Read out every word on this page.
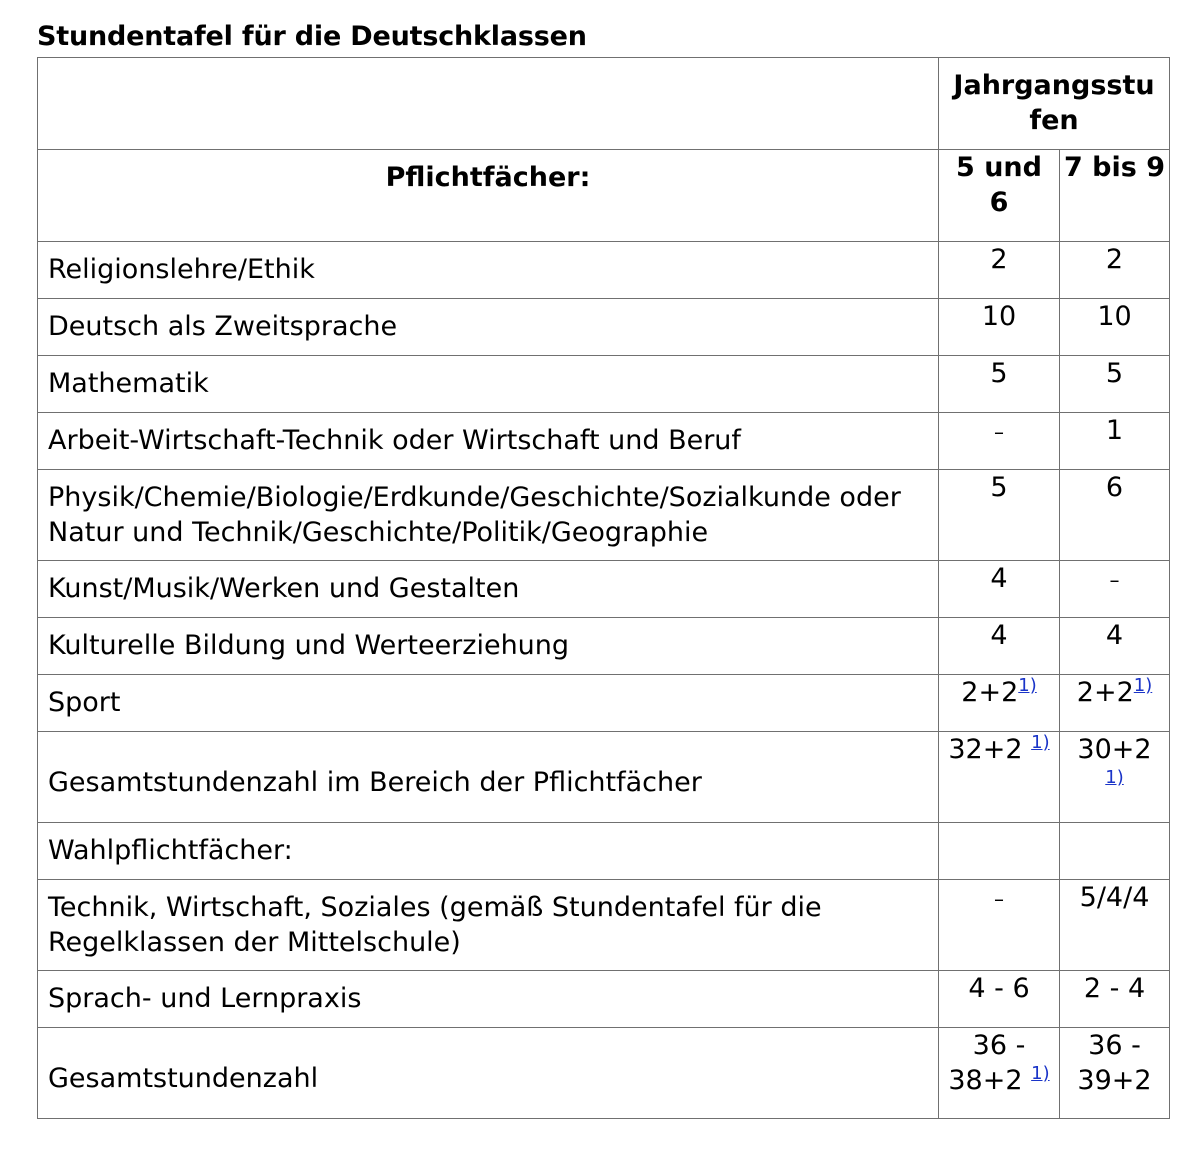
Stundentafel für die Deutschklassen
	Jahrgangsstufen	
Pflichtfächer:	5 und 6	7 bis 9
Religionslehre/Ethik	2	2
Deutsch als Zweitsprache	10	10
Mathematik	5	5
Arbeit-Wirtschaft-Technik oder Wirtschaft und Beruf	–	1
Physik/Chemie/Biologie/Erdkunde/Geschichte/Sozialkunde oder Natur und Technik/Geschichte/Politik/Geographie	5	6
Kunst/Musik/Werken und Gestalten	4	–
Kulturelle Bildung und Werteerziehung	4	4
Sport	2+2$^{1)}$	2+2$^{1)}$
Gesamtstundenzahl im Bereich der Pflichtfächer	32+2 $^{1)}$	30+2 $^{1)}$
Wahlpflichtfächer:		
Technik, Wirtschaft, Soziales (gemäß Stundentafel für die Regelklassen der Mittelschule)	–	5/4/4
Sprach- und Lernpraxis	4 - 6	2 - 4
Gesamtstundenzahl	36 - 38+2 $^{1)}$	36 - 39+2
